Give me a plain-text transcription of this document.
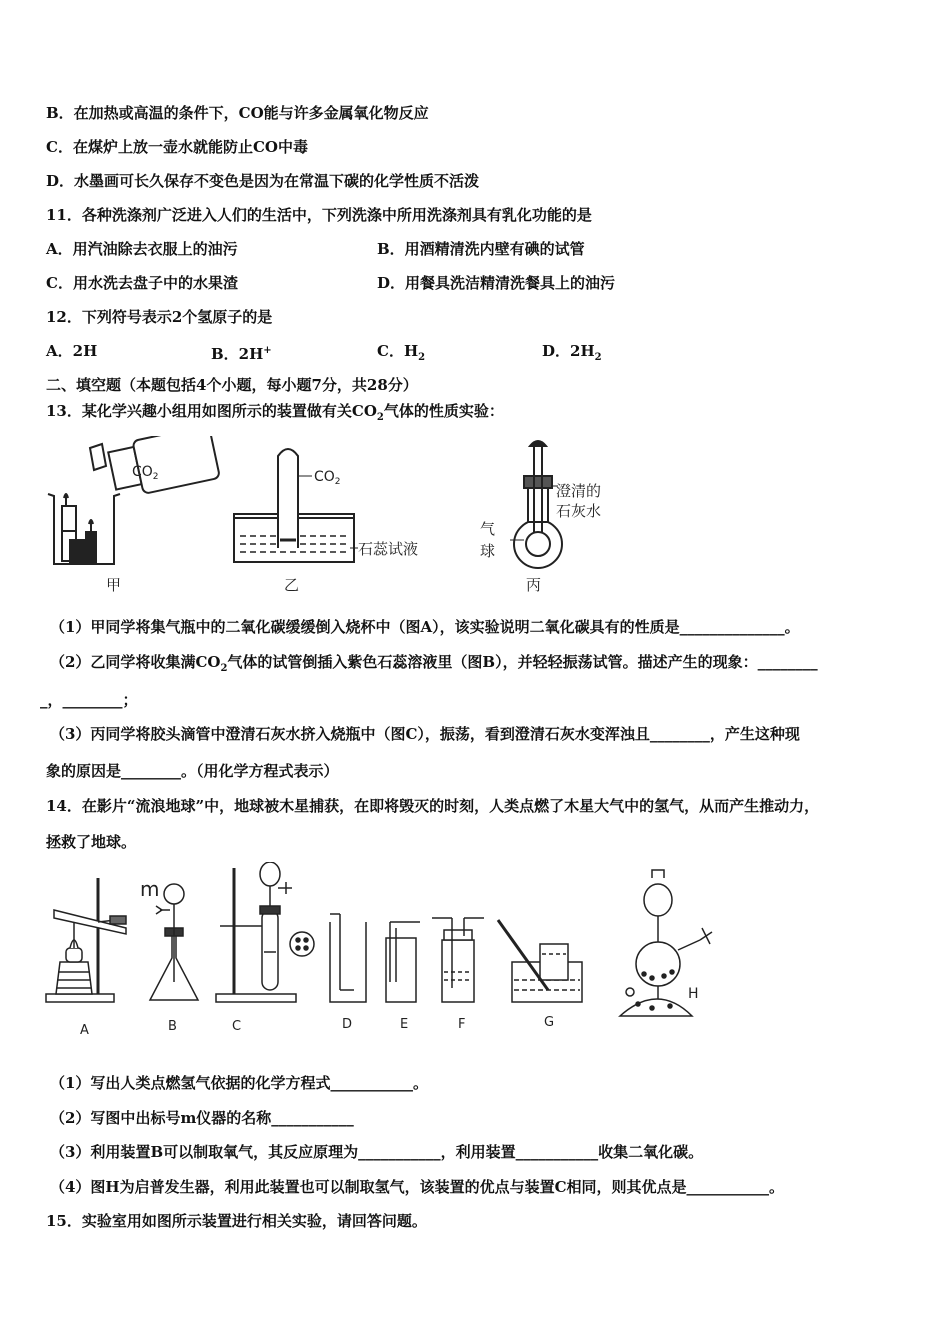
B．在加热或高温的条件下，CO能与许多金属氧化物反应
C．在煤炉上放一壶水就能防止CO中毒
D．水墨画可长久保存不变色是因为在常温下碳的化学性质不活泼
11．各种洗涤剂广泛进入人们的生活中，下列洗涤中所用洗涤剂具有乳化功能的是
A．用汽油除去衣服上的油污	B．用酒精清洗内壁有碘的试管
C．用水洗去盘子中的水果渣	D．用餐具洗洁精清洗餐具上的油污
12．下列符号表示2个氢原子的是
A．2H	B．2H+	C．$H_2$	D．$2H_2$
二、填空题（本题包括4个小题，每小题7分，共28分）
13．某化学兴趣小组用如图所示的装置做有关$CO_2$气体的性质实验：
$CO_2$
甲
$CO_2$
石蕊试液
乙
澄清的
石灰水
气
球
丙
（1）甲同学将集气瓶中的二氧化碳缓缓倒入烧杯中（图A），该实验说明二氧化碳具有的性质是______________。
（2）乙同学将收集满$CO_2$气体的试管倒插入紫色石蕊溶液里（图B），并轻轻振荡试管。描述产生的现象：________
_，________；
（3）丙同学将胶头滴管中澄清石灰水挤入烧瓶中（图C），振荡，看到澄清石灰水变浑浊且________，产生这种现
象的原因是________。（用化学方程式表示）
14．在影片“流浪地球”中，地球被木星捕获，在即将毁灭的时刻，人类点燃了木星大气中的氢气，从而产生推动力，
拯救了地球。
m
A	B	C	D	E	F	G
H
（1）写出人类点燃氢气依据的化学方程式___________。
（2）写图中出标号m仪器的名称___________
（3）利用装置B可以制取氧气，其反应原理为___________，利用装置___________收集二氧化碳。
（4）图H为启普发生器，利用此装置也可以制取氢气，该装置的优点与装置C相同，则其优点是___________。
15．实验室用如图所示装置进行相关实验，请回答问题。
